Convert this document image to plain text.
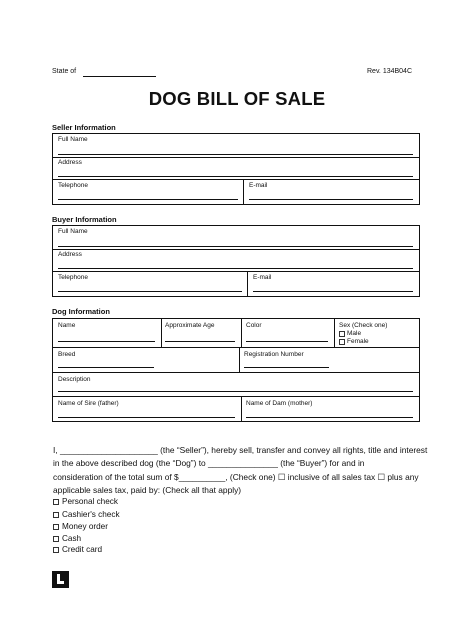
State of	Rev. 134B04C
DOG BILL OF SALE
Seller Information
Full Name
Address
Telephone	E-mail
Buyer Information
Full Name
Address
Telephone	E-mail
Dog Information
Name	Approximate Age	Color	Sex (Check one)
Male
Female
Breed	Registration Number
Description
Name of Sire (father)	Name of Dam (mother)
I, _____________________ (the “Seller”), hereby sell, transfer and convey all rights, title and interest
in the above described dog (the “Dog”) to _______________ (the “Buyer”) for and in
consideration of the total sum of $__________, (Check one) ☐ inclusive of all sales tax ☐ plus any
applicable sales tax, paid by: (Check all that apply)
Personal check
Cashier's check
Money order
Cash
Credit card
